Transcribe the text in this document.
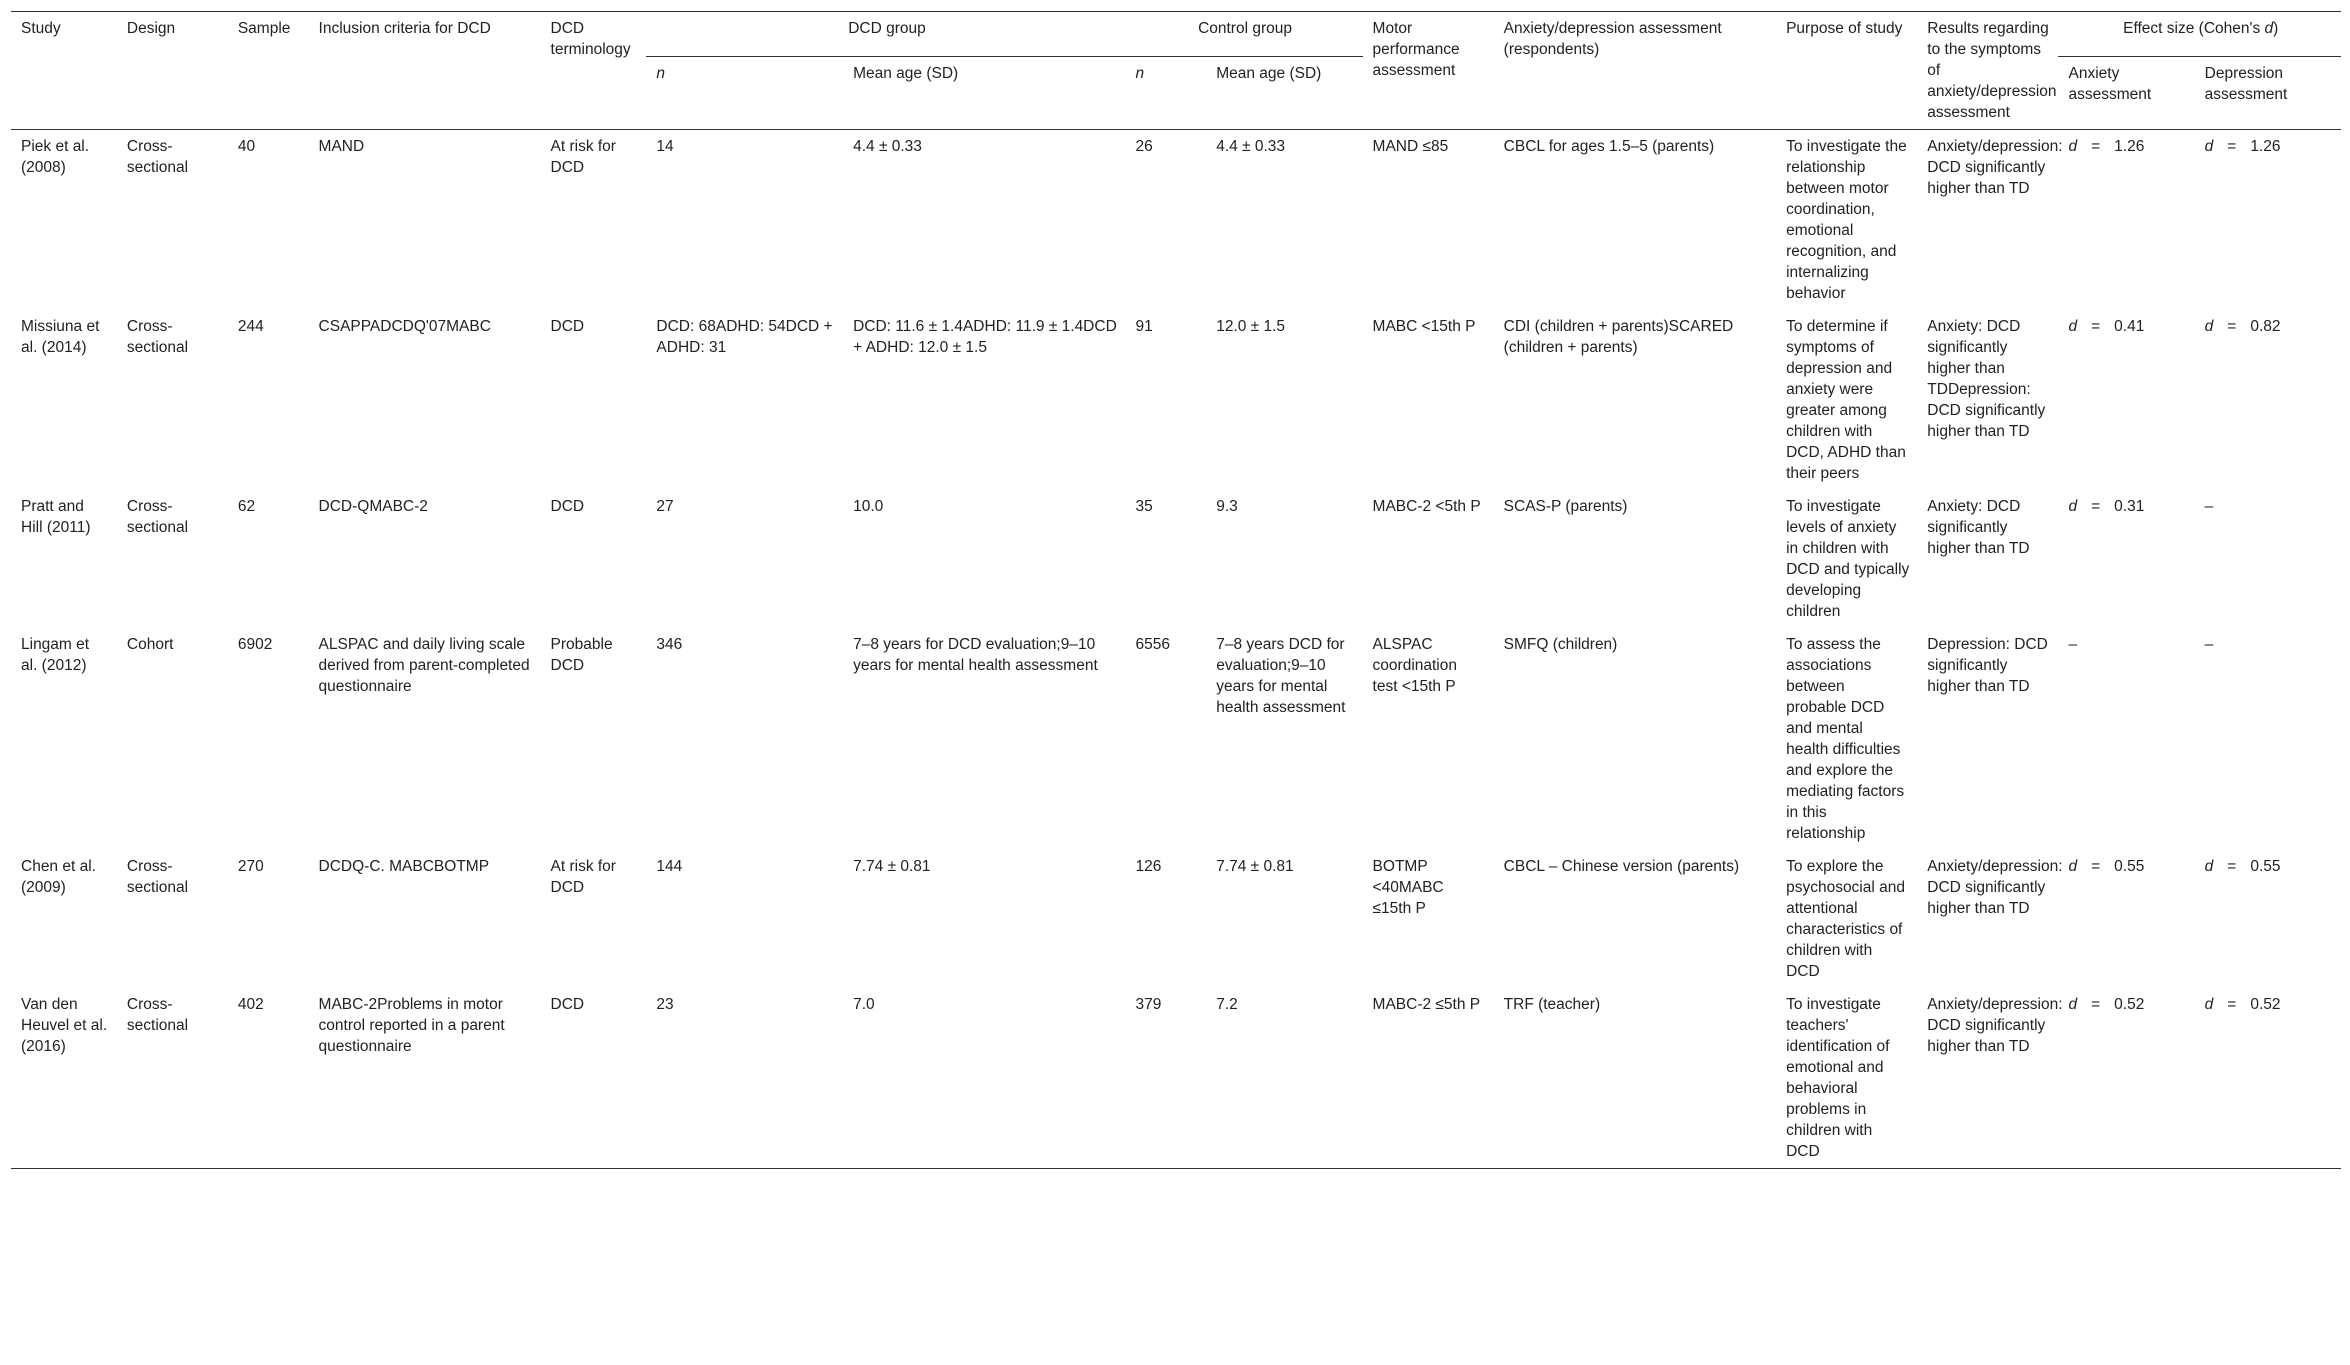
Study	Design	Sample	Inclusion criteria for DCD	DCD terminology	DCD group		Control group		Motor performance assessment	Anxiety/depression assessment (respondents)	Purpose of study	Results regarding to the symptoms of anxiety/depression assessment	Effect size (Cohen's d)	
					n	Mean age (SD)	n	Mean age (SD)					Anxiety assessment	Depression assessment
Piek et al. (2008)	Cross-sectional	40	MAND	At risk for DCD	14	4.4 ± 0.33	26	4.4 ± 0.33	MAND ≤85	CBCL for ages 1.5–5 (parents)	To investigate the relationship between motor coordination, emotional recognition, and internalizing behavior	Anxiety/depression: DCD significantly higher than TD	d = 1.26	d = 1.26
Missiuna et al. (2014)	Cross-sectional	244	CSAPPADCDQ'07MABC	DCD	DCD: 68ADHD: 54DCD + ADHD: 31	DCD: 11.6 ± 1.4ADHD: 11.9 ± 1.4DCD + ADHD: 12.0 ± 1.5	91	12.0 ± 1.5	MABC <15th P	CDI (children + parents)SCARED (children + parents)	To determine if symptoms of depression and anxiety were greater among children with DCD, ADHD than their peers	Anxiety: DCD significantly higher than TDDepression: DCD significantly higher than TD	d = 0.41	d = 0.82
Pratt and Hill (2011)	Cross-sectional	62	DCD-QMABC-2	DCD	27	10.0	35	9.3	MABC-2 <5th P	SCAS-P (parents)	To investigate levels of anxiety in children with DCD and typically developing children	Anxiety: DCD significantly higher than TD	d = 0.31	–
Lingam et al. (2012)	Cohort	6902	ALSPAC and daily living scale derived from parent-completed questionnaire	Probable DCD	346	7–8 years for DCD evaluation;9–10 years for mental health assessment	6556	7–8 years DCD for evaluation;9–10 years for mental health assessment	ALSPAC coordination test <15th P	SMFQ (children)	To assess the associations between probable DCD and mental health difficulties and explore the mediating factors in this relationship	Depression: DCD significantly higher than TD	–	–
Chen et al. (2009)	Cross-sectional	270	DCDQ-C. MABCBOTMP	At risk for DCD	144	7.74 ± 0.81	126	7.74 ± 0.81	BOTMP <40MABC ≤15th P	CBCL – Chinese version (parents)	To explore the psychosocial and attentional characteristics of children with DCD	Anxiety/depression: DCD significantly higher than TD	d = 0.55	d = 0.55
Van den Heuvel et al. (2016)	Cross-sectional	402	MABC-2Problems in motor control reported in a parent questionnaire	DCD	23	7.0	379	7.2	MABC-2 ≤5th P	TRF (teacher)	To investigate teachers' identification of emotional and behavioral problems in children with DCD	Anxiety/depression: DCD significantly higher than TD	d = 0.52	d = 0.52
